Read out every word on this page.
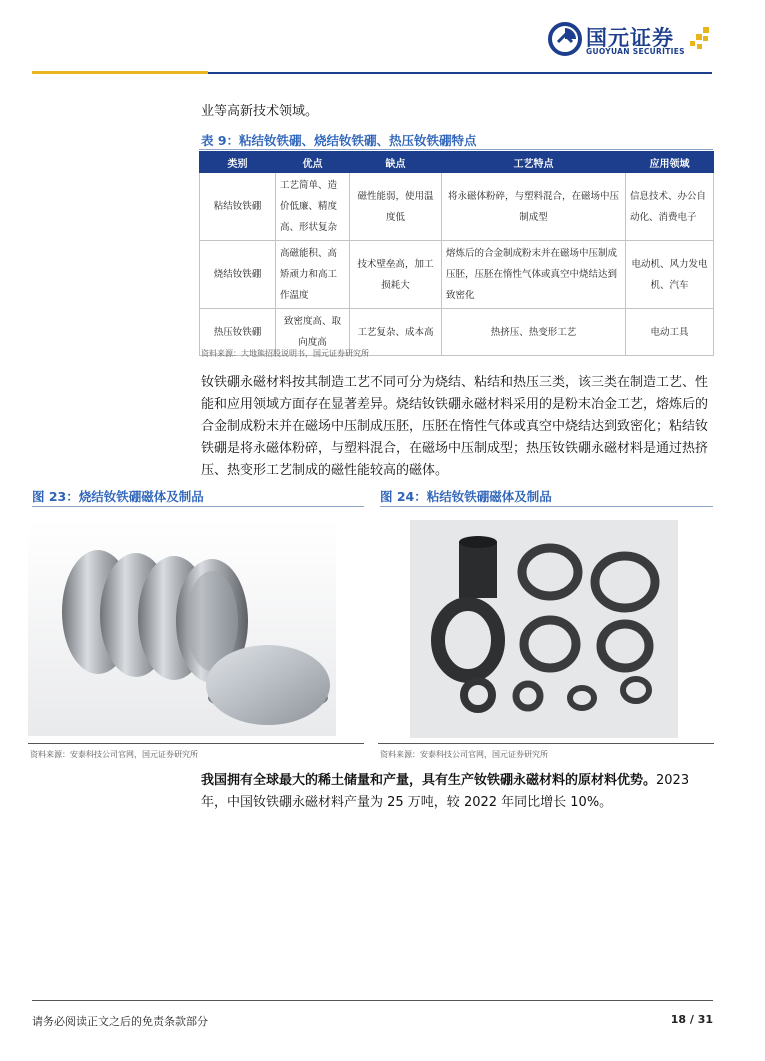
国元证券
GUOYUAN SECURITIES
业等高新技术领域。
表 9：粘结钕铁硼、烧结钕铁硼、热压钕铁硼特点
类别	优点	缺点	工艺特点	应用领域
粘结钕铁硼	工艺简单、造价低廉、精度高、形状复杂	磁性能弱，使用温度低	将永磁体粉碎，与塑料混合，在磁场中压制成型	信息技术、办公自动化、消费电子
烧结钕铁硼	高磁能积、高矫顽力和高工作温度	技术壁垒高，加工损耗大	熔炼后的合金制成粉末并在磁场中压制成压胚，压胚在惰性气体或真空中烧结达到致密化	电动机、风力发电机、汽车
热压钕铁硼	致密度高、取向度高	工艺复杂、成本高	热挤压、热变形工艺	电动工具
资料来源：大地熊招股说明书，国元证券研究所
钕铁硼永磁材料按其制造工艺不同可分为烧结、粘结和热压三类，该三类在制造工艺、性能和应用领域方面存在显著差异。烧结钕铁硼永磁材料采用的是粉末冶金工艺，熔炼后的合金制成粉末并在磁场中压制成压胚，压胚在惰性气体或真空中烧结达到致密化；粘结钕铁硼是将永磁体粉碎，与塑料混合，在磁场中压制成型；热压钕铁硼永磁材料是通过热挤压、热变形工艺制成的磁性能较高的磁体。
图 23：烧结钕铁硼磁体及制品	图 24：粘结钕铁硼磁体及制品
资料来源：安泰科技公司官网，国元证券研究所	资料来源：安泰科技公司官网，国元证券研究所
我国拥有全球最大的稀土储量和产量，具有生产钕铁硼永磁材料的原材料优势。2023 年，中国钕铁硼永磁材料产量为 25 万吨，较 2022 年同比增长 10%。
请务必阅读正文之后的免责条款部分	18 / 31
